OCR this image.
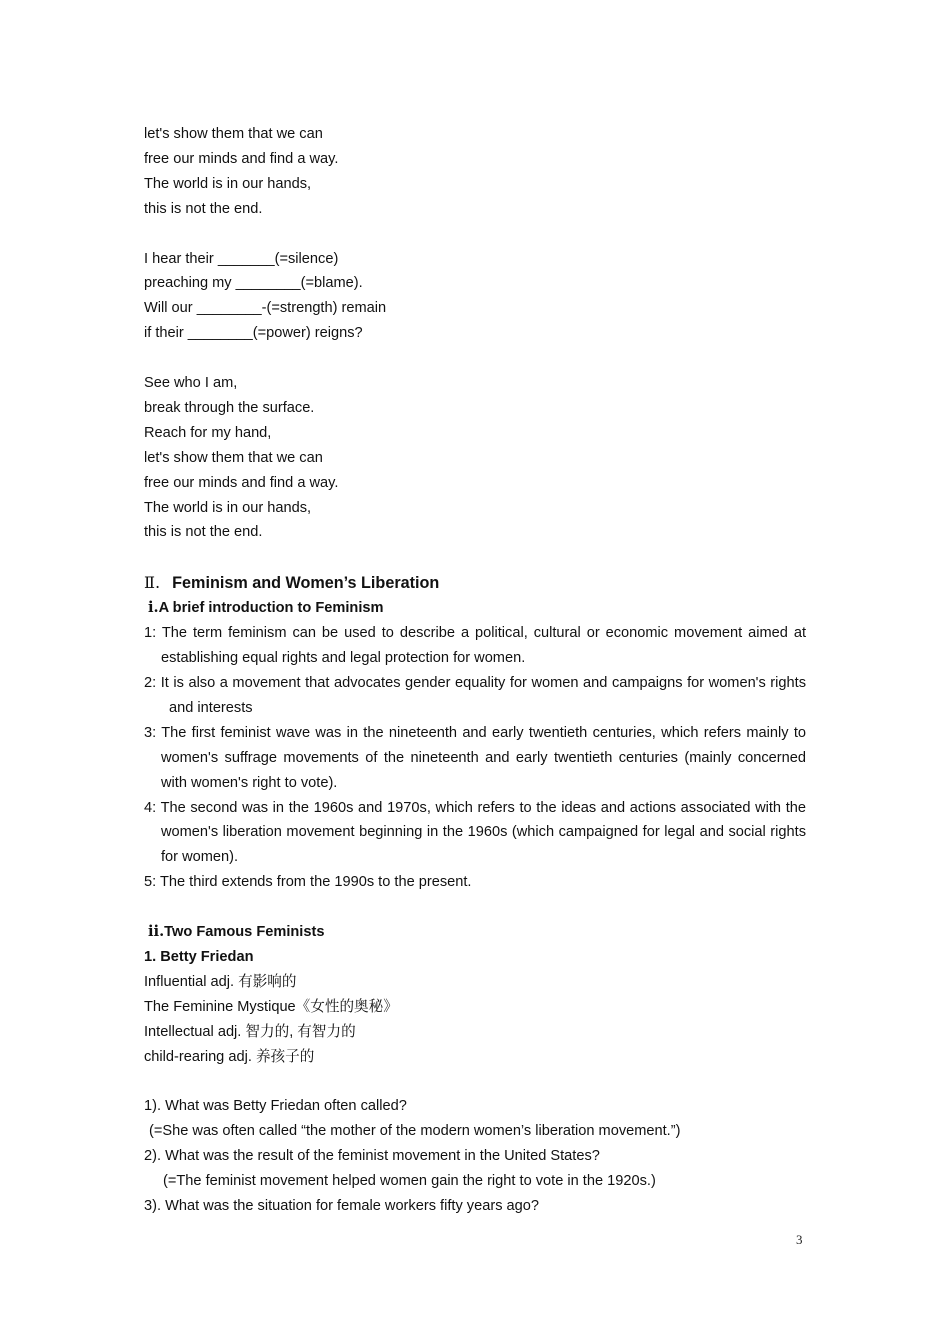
let's show them that we can
free our minds and find a way.
The world is in our hands,
this is not the end.
I hear their _______(=silence)
preaching my ________(=blame).
Will our ________-(=strength) remain
if their ________(=power) reigns?
See who I am,
break through the surface.
Reach for my hand,
let's show them that we can
free our minds and find a way.
The world is in our hands,
this is not the end.
Ⅱ. Feminism and Women’s Liberation
ⅰ.A brief introduction to Feminism
1: The term feminism can be used to describe a political, cultural or economic movement aimed at establishing equal rights and legal protection for women.
2: It is also a movement that advocates gender equality for women and campaigns for women's rights and interests
3: The first feminist wave was in the nineteenth and early twentieth centuries, which refers mainly to women's suffrage movements of the nineteenth and early twentieth centuries (mainly concerned with women's right to vote).
4: The second was in the 1960s and 1970s, which refers to the ideas and actions associated with the women's liberation movement beginning in the 1960s (which campaigned for legal and social rights for women).
5: The third extends from the 1990s to the present.
ⅱ.Two Famous Feminists
1. Betty Friedan
Influential adj. 有影响的
The Feminine Mystique《女性的奥秘》
Intellectual adj. 智力的, 有智力的
child-rearing adj. 养孩子的
1). What was Betty Friedan often called?
(=She was often called “the mother of the modern women’s liberation movement.”)
2). What was the result of the feminist movement in the United States?
(=The feminist movement helped women gain the right to vote in the 1920s.)
3). What was the situation for female workers fifty years ago?
3
